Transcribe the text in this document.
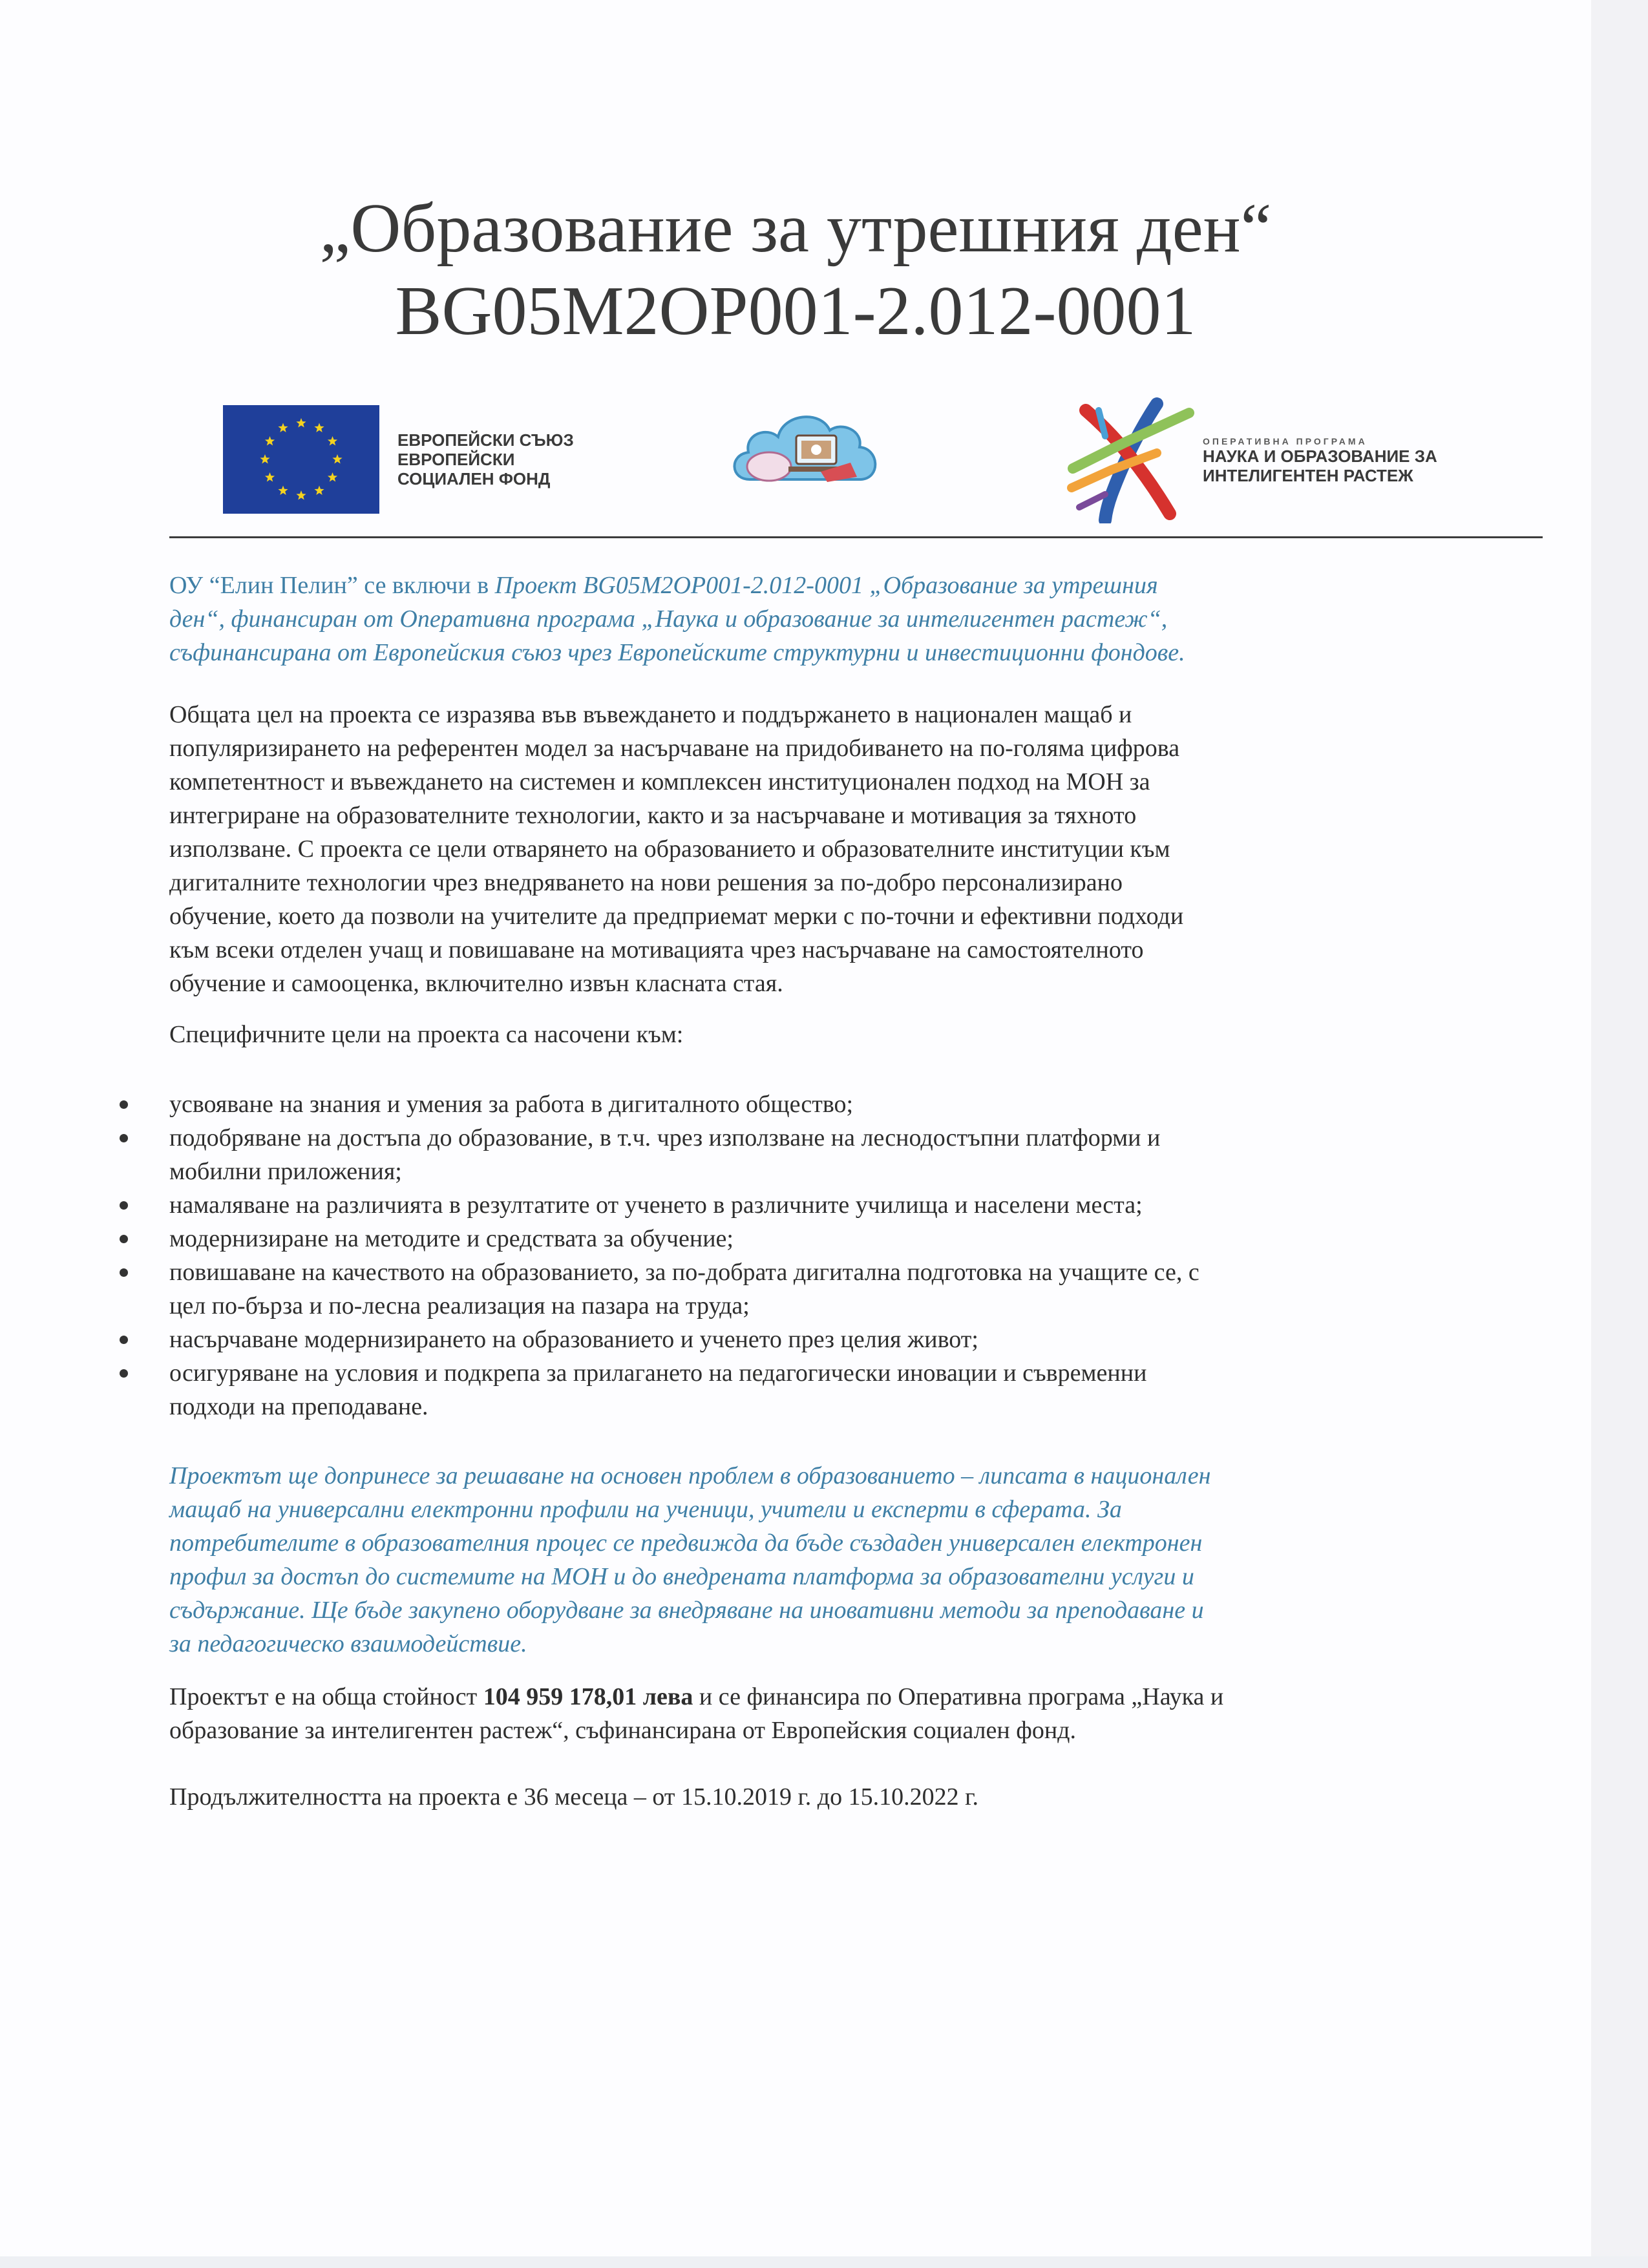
„Образование за утрешния ден“
BG05M2OP001-2.012-0001
ЕВРОПЕЙСКИ СЪЮЗ
ЕВРОПЕЙСКИ
СОЦИАЛЕН ФОНД
ОПЕРАТИВНА ПРОГРАМА
НАУКА И ОБРАЗОВАНИЕ ЗА
ИНТЕЛИГЕНТЕН РАСТЕЖ
ОУ “Елин Пелин” се включи в Проект BG05M2OP001-2.012-0001 „Образование за утрешния
ден“, финансиран от Оперативна програма „Наука и образование за интелигентен растеж“,
съфинансирана от Европейския съюз чрез Европейските структурни и инвестиционни фондове.
Общата цел на проекта се изразява във въвеждането и поддържането в национален мащаб и
популяризирането на референтен модел за насърчаване на придобиването на по-голяма цифрова
компетентност и въвеждането на системен и комплексен институционален подход на МОН за
интегриране на образователните технологии, както и за насърчаване и мотивация за тяхното
използване. С проекта се цели отварянето на образованието и образователните институции към
дигиталните технологии чрез внедряването на нови решения за по-добро персонализирано
обучение, което да позволи на учителите да предприемат мерки с по-точни и ефективни подходи
към всеки отделен учащ и повишаване на мотивацията чрез насърчаване на самостоятелното
обучение и самооценка, включително извън класната стая.
Специфичните цели на проекта са насочени към:
усвояване на знания и умения за работа в дигиталното общество;
подобряване на достъпа до образование, в т.ч. чрез използване на леснодостъпни платформи и
мобилни приложения;
намаляване на различията в резултатите от ученето в различните училища и населени места;
модернизиране на методите и средствата за обучение;
повишаване на качеството на образованието, за по-добрата дигитална подготовка на учащите се, с
цел по-бърза и по-лесна реализация на пазара на труда;
насърчаване модернизирането на образованието и ученето през целия живот;
осигуряване на условия и подкрепа за прилагането на педагогически иновации и съвременни
подходи на преподаване.
Проектът ще допринесе за решаване на основен проблем в образованието – липсата в национален
мащаб на универсални електронни профили на ученици, учители и експерти в сферата. За
потребителите в образователния процес се предвижда да бъде създаден универсален електронен
профил за достъп до системите на МОН и до внедрената платформа за образователни услуги и
съдържание. Ще бъде закупено оборудване за внедряване на иновативни методи за преподаване и
за педагогическо взаимодействие.
Проектът е на обща стойност 104 959 178,01 лева и се финансира по Оперативна програма „Наука и
образование за интелигентен растеж“, съфинансирана от Европейския социален фонд.
Продължителността на проекта е 36 месеца – от 15.10.2019 г. до 15.10.2022 г.
